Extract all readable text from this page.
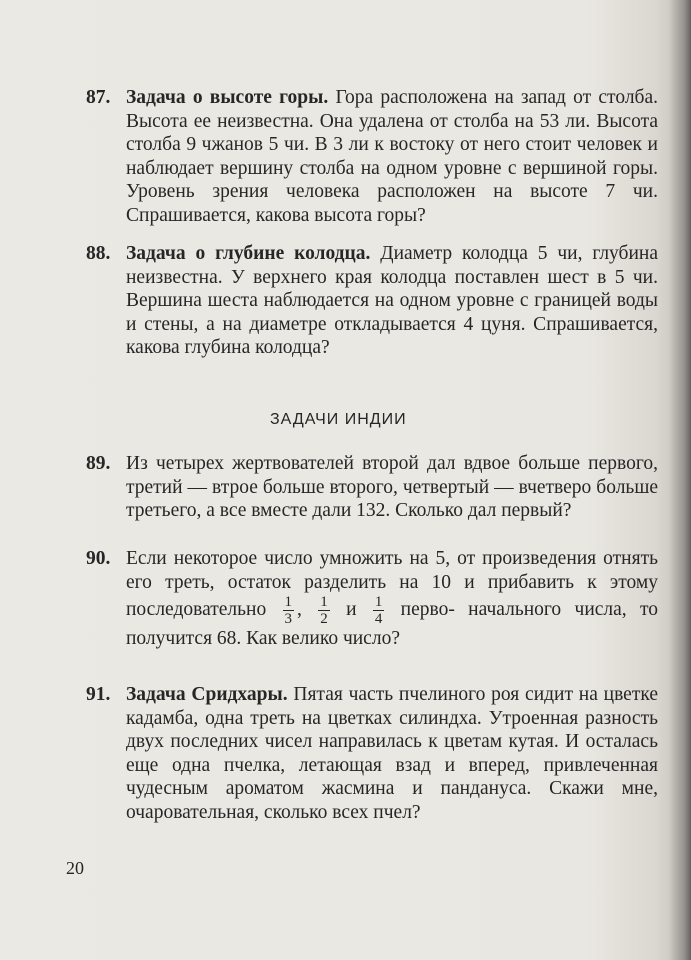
87. Задача о высоте горы. Гора расположена на запад от столба. Высота ее неизвестна. Она удалена от столба на 53 ли. Высота столба 9 чжанов 5 чи. В 3 ли к востоку от него стоит человек и наблюдает вершину столба на одном уровне с вершиной горы. Уровень зрения человека расположен на высоте 7 чи. Спрашивается, какова высота горы?
88. Задача о глубине колодца. Диаметр колодца 5 чи, глубина неизвестна. У верхнего края колодца поставлен шест в 5 чи. Вершина шеста наблюдается на одном уровне с границей воды и стены, а на диаметре откладывается 4 цуня. Спрашивается, какова глубина колодца?
ЗАДАЧИ ИНДИИ
89. Из четырех жертвователей второй дал вдвое больше первого, третий — втрое больше второго, четвертый — вчетверо больше третьего, а все вместе дали 132. Сколько дал первый?
90. Если некоторое число умножить на 5, от произведения отнять его треть, остаток разделить на 10 и прибавить к этому последовательно $\frac{1}{3}$ , $\frac{1}{2}$ и $\frac{1}{4}$ перво- начального числа, то получится 68. Как велико число?
91. Задача Сридхары. Пятая часть пчелиного роя сидит на цветке кадамба, одна треть на цветках силиндха. Утроенная разность двух последних чисел направилась к цветам кутая. И осталась еще одна пчелка, летающая взад и вперед, привлеченная чудесным ароматом жасмина и панданyса. Скажи мне, очаровательная, сколько всех пчел?
20
